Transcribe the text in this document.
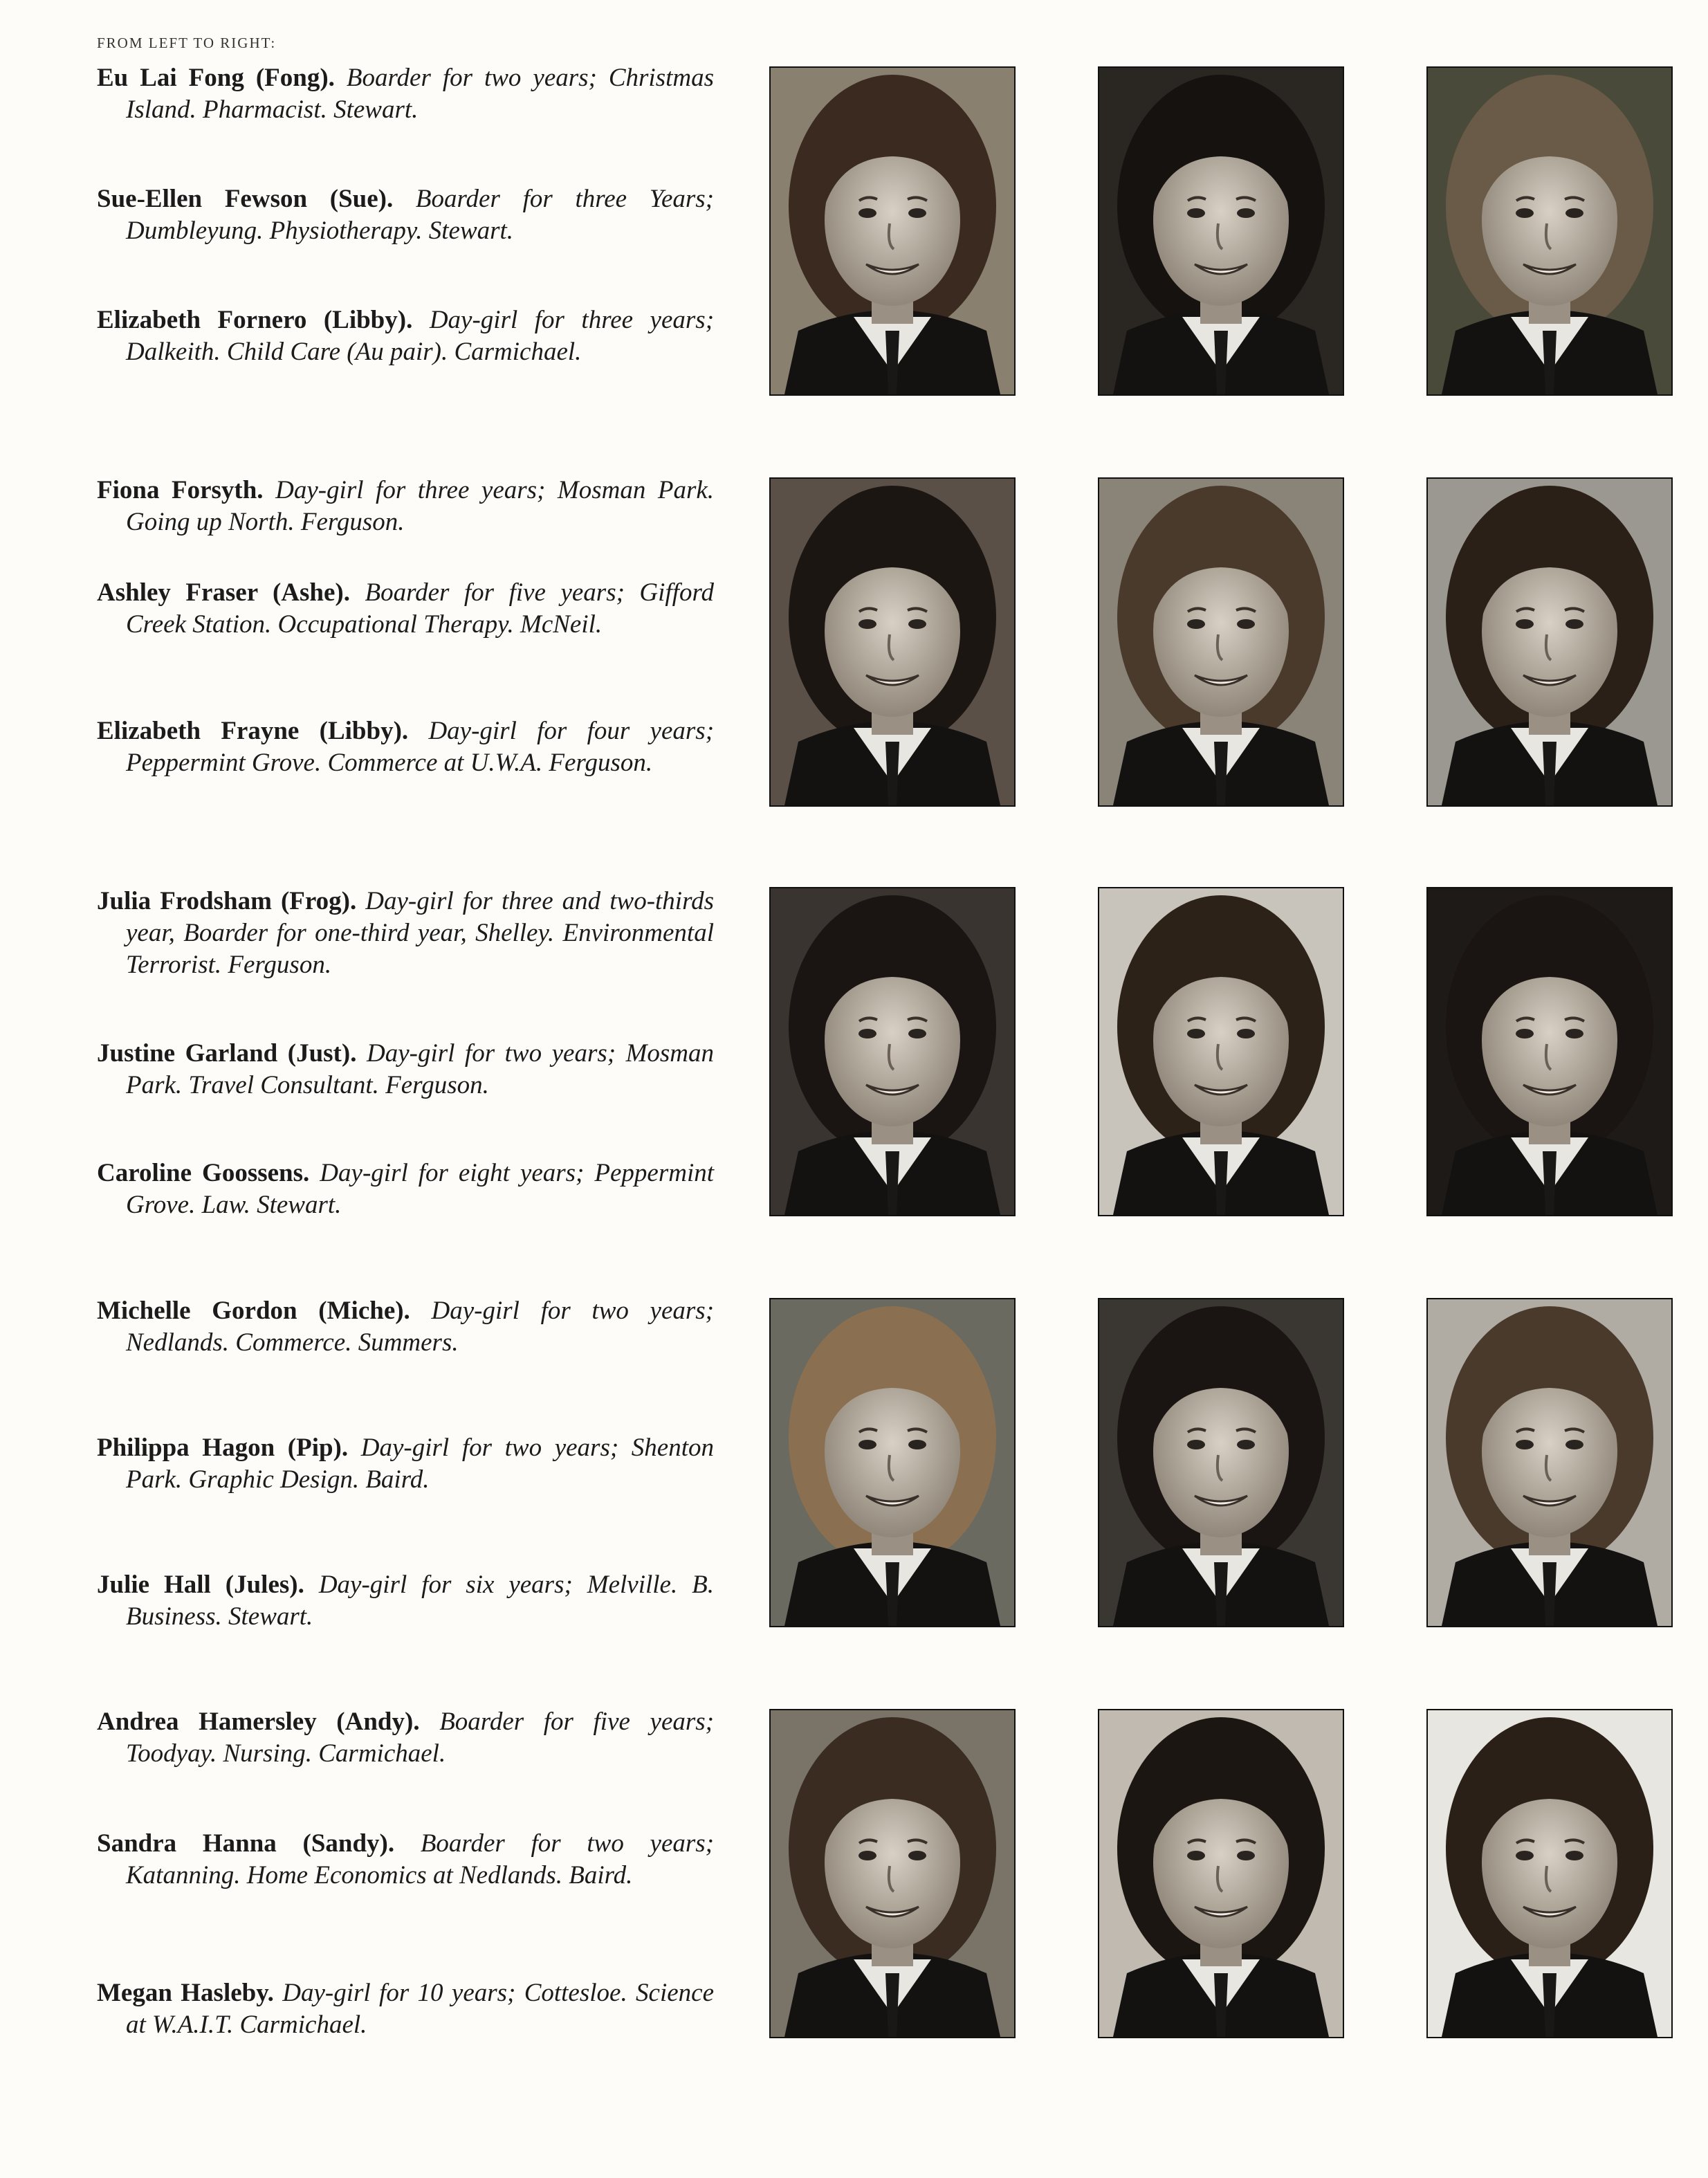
FROM LEFT TO RIGHT:

Eu Lai Fong (Fong). Boarder for two years; Christmas Island. Pharmacist. Stewart.

Sue-Ellen Fewson (Sue). Boarder for three Years; Dumbleyung. Physiotherapy. Stewart.

Elizabeth Fornero (Libby). Day-girl for three years; Dalkeith. Child Care (Au pair). Carmichael.

Fiona Forsyth. Day-girl for three years; Mosman Park. Going up North. Ferguson.

Ashley Fraser (Ashe). Boarder for five years; Gifford Creek Station. Occupational Therapy. McNeil.

Elizabeth Frayne (Libby). Day-girl for four years; Peppermint Grove. Commerce at U.W.A. Ferguson.

Julia Frodsham (Frog). Day-girl for three and two-thirds year, Boarder for one-third year, Shelley. Environmental Terrorist. Ferguson.

Justine Garland (Just). Day-girl for two years; Mosman Park. Travel Consultant. Ferguson.

Caroline Goossens. Day-girl for eight years; Peppermint Grove. Law. Stewart.

Michelle Gordon (Miche). Day-girl for two years; Nedlands. Commerce. Summers.

Philippa Hagon (Pip). Day-girl for two years; Shenton Park. Graphic Design. Baird.

Julie Hall (Jules). Day-girl for six years; Melville. B. Business. Stewart.

Andrea Hamersley (Andy). Boarder for five years; Toodyay. Nursing. Carmichael.

Sandra Hanna (Sandy). Boarder for two years; Katanning. Home Economics at Nedlands. Baird.

Megan Hasleby. Day-girl for 10 years; Cottesloe. Science at W.A.I.T. Carmichael.
